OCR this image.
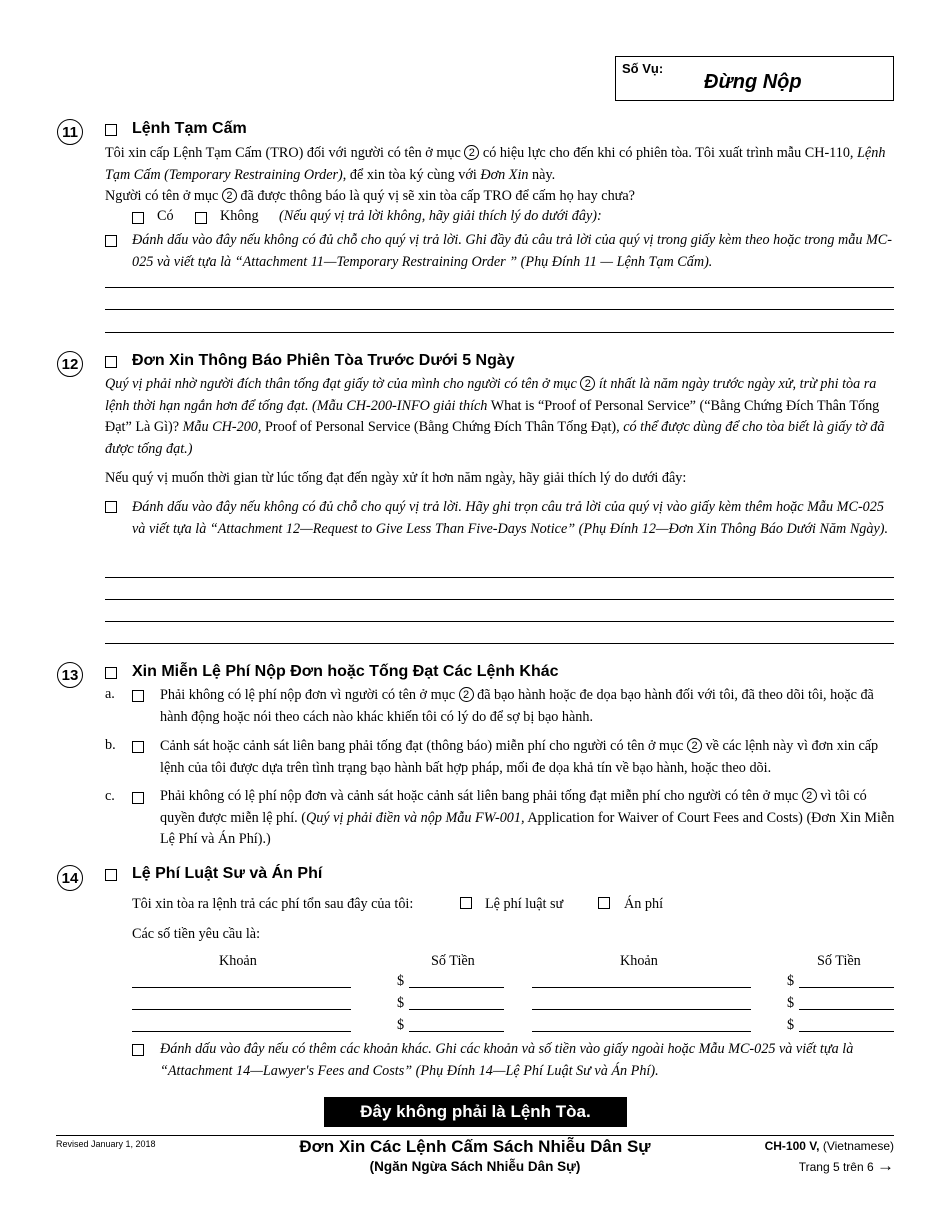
Số Vụ:
Đừng Nộp
11	Lệnh Tạm Cấm
Tôi xin cấp Lệnh Tạm Cấm (TRO) đối với người có tên ở mục 2 có hiệu lực cho đến khi có phiên tòa. Tôi xuất trình mẫu CH-110, Lệnh Tạm Cấm (Temporary Restraining Order), để xin tòa ký cùng với Đơn Xin này.
Người có tên ở mục 2 đã được thông báo là quý vị sẽ xin tòa cấp TRO để cấm họ hay chưa?
Có	Không (Nếu quý vị trả lời không, hãy giải thích lý do dưới đây):
Đánh dấu vào đây nếu không có đủ chỗ cho quý vị trả lời. Ghi đầy đủ câu trả lời của quý vị trong giấy kèm theo hoặc trong mẫu MC-025 và viết tựa là “Attachment 11—Temporary Restraining Order ” (Phụ Đính 11 — Lệnh Tạm Cấm).
12	Đơn Xin Thông Báo Phiên Tòa Trước Dưới 5 Ngày
Quý vị phải nhờ người đích thân tống đạt giấy tờ của mình cho người có tên ở mục 2 ít nhất là năm ngày trước ngày xử, trừ phi tòa ra lệnh thời hạn ngắn hơn để tống đạt. (Mẫu CH-200-INFO giải thích What is “Proof of Personal Service” (“Bằng Chứng Đích Thân Tống Đạt” Là Gì)? Mẫu CH-200, Proof of Personal Service (Bằng Chứng Đích Thân Tống Đạt), có thể được dùng để cho tòa biết là giấy tờ đã được tống đạt.)
Nếu quý vị muốn thời gian từ lúc tống đạt đến ngày xử ít hơn năm ngày, hãy giải thích lý do dưới đây:
Đánh dấu vào đây nếu không có đủ chỗ cho quý vị trả lời. Hãy ghi trọn câu trả lời của quý vị vào giấy kèm thêm hoặc Mẫu MC-025 và viết tựa là “Attachment 12—Request to Give Less Than Five-Days Notice” (Phụ Đính 12—Đơn Xin Thông Báo Dưới Năm Ngày).
13	Xin Miễn Lệ Phí Nộp Đơn hoặc Tống Đạt Các Lệnh Khác
a.	Phải không có lệ phí nộp đơn vì người có tên ở mục 2 đã bạo hành hoặc đe dọa bạo hành đối với tôi, đã theo dõi tôi, hoặc đã hành động hoặc nói theo cách nào khác khiến tôi có lý do để sợ bị bạo hành.
b.	Cảnh sát hoặc cảnh sát liên bang phải tống đạt (thông báo) miễn phí cho người có tên ở mục 2 về các lệnh này vì đơn xin cấp lệnh của tôi được dựa trên tình trạng bạo hành bất hợp pháp, mối đe dọa khả tín về bạo hành, hoặc theo dõi.
c.	Phải không có lệ phí nộp đơn và cảnh sát hoặc cảnh sát liên bang phải tống đạt miễn phí cho người có tên ở mục 2 vì tôi có quyền được miễn lệ phí. (Quý vị phải điền và nộp Mẫu FW-001, Application for Waiver of Court Fees and Costs) (Đơn Xin Miễn Lệ Phí và Án Phí).)
14	Lệ Phí Luật Sư và Án Phí
Tôi xin tòa ra lệnh trả các phí tổn sau đây của tôi:	Lệ phí luật sư	Án phí
Các số tiền yêu cầu là:
Khoản	Số Tiền	Khoản	Số Tiền
$	$
$	$
$	$
Đánh dấu vào đây nếu có thêm các khoản khác. Ghi các khoản và số tiền vào giấy ngoài hoặc Mẫu MC-025 và viết tựa là “Attachment 14—Lawyer's Fees and Costs” (Phụ Đính 14—Lệ Phí Luật Sư và Án Phí).
Đây không phải là Lệnh Tòa.
Revised January 1, 2018	Đơn Xin Các Lệnh Cấm Sách Nhiễu Dân Sự
(Ngăn Ngừa Sách Nhiễu Dân Sự)
CH-100 V, (Vietnamese)
Trang 5 trên 6 →
